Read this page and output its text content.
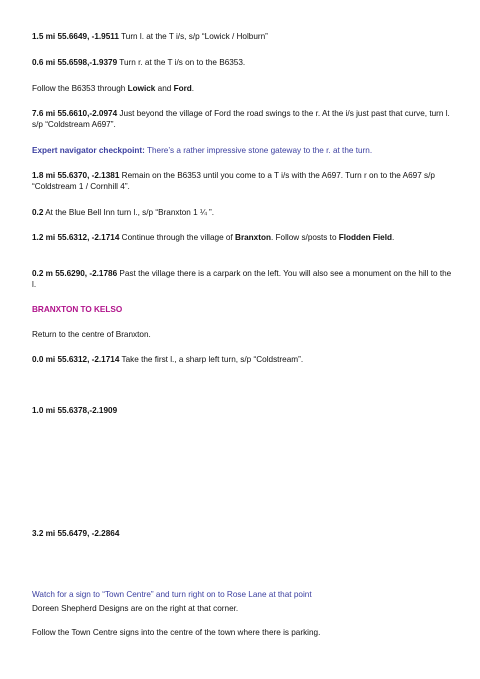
1.5 mi 55.6649, -1.9511 Turn l. at the T i/s, s/p “Lowick / Holburn”

0.6 mi 55.6598,-1.9379 Turn r. at the T i/s on to the B6353.

Follow the B6353 through Lowick and Ford.

7.6 mi 55.6610,-2.0974 Just beyond the village of Ford the road swings to the r. At the i/s just past that curve, turn l. s/p “Coldstream A697”.

Expert navigator checkpoint: There’s a rather impressive stone gateway to the r. at the turn.

1.8 mi 55.6370, -2.1381 Remain on the B6353 until you come to a T i/s with the A697. Turn r on to the A697 s/p “Coldstream 1 / Cornhill 4”.

0.2 At the Blue Bell Inn turn l., s/p “Branxton 1 ¼ ”.

1.2 mi 55.6312, -2.1714 Continue through the village of Branxton. Follow s/posts to Flodden Field.

0.2 m 55.6290, -2.1786 Past the village there is a carpark on the left. You will also see a monument on the hill to the l.

BRANXTON TO KELSO

Return to the centre of Branxton.

0.0 mi 55.6312, -2.1714 Take the first l., a sharp left turn, s/p “Coldstream”.

1.0 mi 55.6378,-2.1909

3.2 mi 55.6479, -2.2864

Watch for a sign to “Town Centre” and turn right on to Rose Lane at that point

Doreen Shepherd Designs are on the right at that corner.

Follow the Town Centre signs into the centre of the town where there is parking.
